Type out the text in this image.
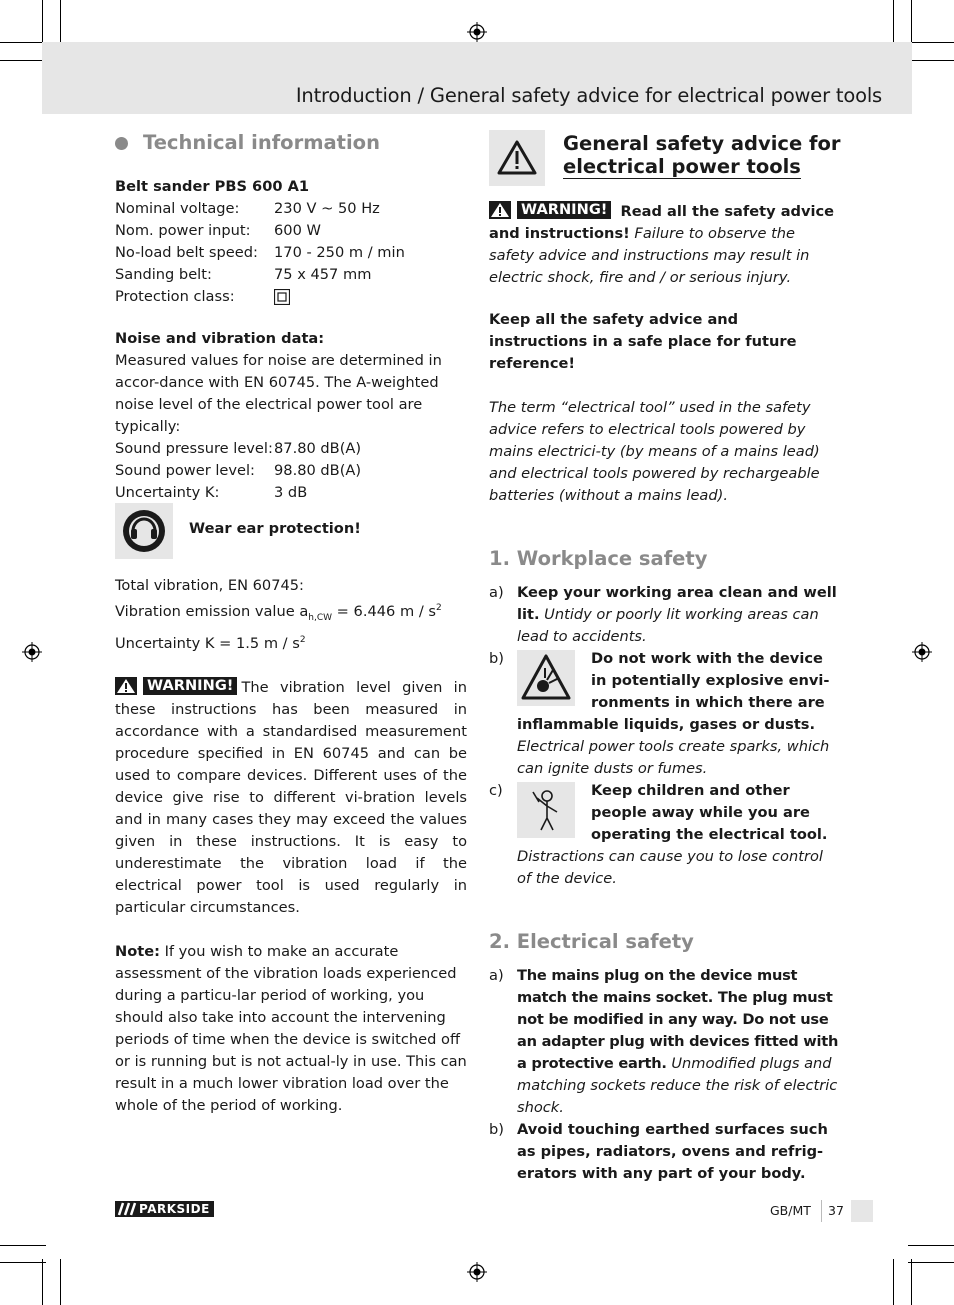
Introduction / General safety advice for electrical power tools
Technical information

Belt sander PBS 600 A1

Nominal voltage:	230 V ~ 50 Hz
Nom. power input:	600 W
No-load belt speed:	170 - 250 m / min
Sanding belt:	75 x 457 mm
Protection class:

Noise and vibration data:

Measured values for noise are determined in accor-dance with EN 60745. The A-weighted noise level of the electrical power tool are typically:

Sound pressure level: 87.80 dB(A)
Sound power level:	98.80 dB(A)
Uncertainty K:	3 dB
Wear ear protection!

Total vibration, EN 60745:

Vibration emission value $a_{h,CW} = 6.446$ m / $s^2$

Uncertainty K = 1.5 m / $s^2$

WARNING! The vibration level given in these instructions has been measured in accordance with a standardised measurement procedure specified in EN 60745 and can be used to compare devices. Different uses of the device give rise to different vi-bration levels and in many cases they may exceed the values given in these instructions. It is easy to underestimate the vibration load if the electrical power tool is used regularly in particular circumstances.

Note: If you wish to make an accurate assessment of the vibration loads experienced during a particu-lar period of working, you should also take into account the intervening periods of time when the device is switched off or is running but is not actual-ly in use. This can result in a much lower vibration load over the whole of the period of working.

General safety advice for
electrical power tools

WARNING! Read all the safety advice and instructions! Failure to observe the safety advice and instructions may result in electric shock, fire and / or serious injury.

Keep all the safety advice and instructions in a safe place for future reference!

The term “electrical tool” used in the safety advice refers to electrical tools powered by mains electrici-ty (by means of a mains lead) and electrical tools powered by rechargeable batteries (without a mains lead).

1. Workplace safety

a) Keep your working area clean and well lit. Untidy or poorly lit working areas can lead to accidents.
b)	Do not work with the device in potentially explosive envi-ronments in which there are inflammable liquids, gases or dusts.
Electrical power tools create sparks, which can ignite dusts or fumes.
c)	Keep children and other people away while you are operating the electrical tool.
Distractions can cause you to lose control of the device.

2. Electrical safety

a) The mains plug on the device must match the mains socket. The plug must not be modified in any way. Do not use an adapter plug with devices fitted with a protective earth. Unmodified plugs and matching sockets reduce the risk of electric shock.
b) Avoid touching earthed surfaces such as pipes, radiators, ovens and refrig-erators with any part of your body.
PARKSIDE	GB/MT 37
